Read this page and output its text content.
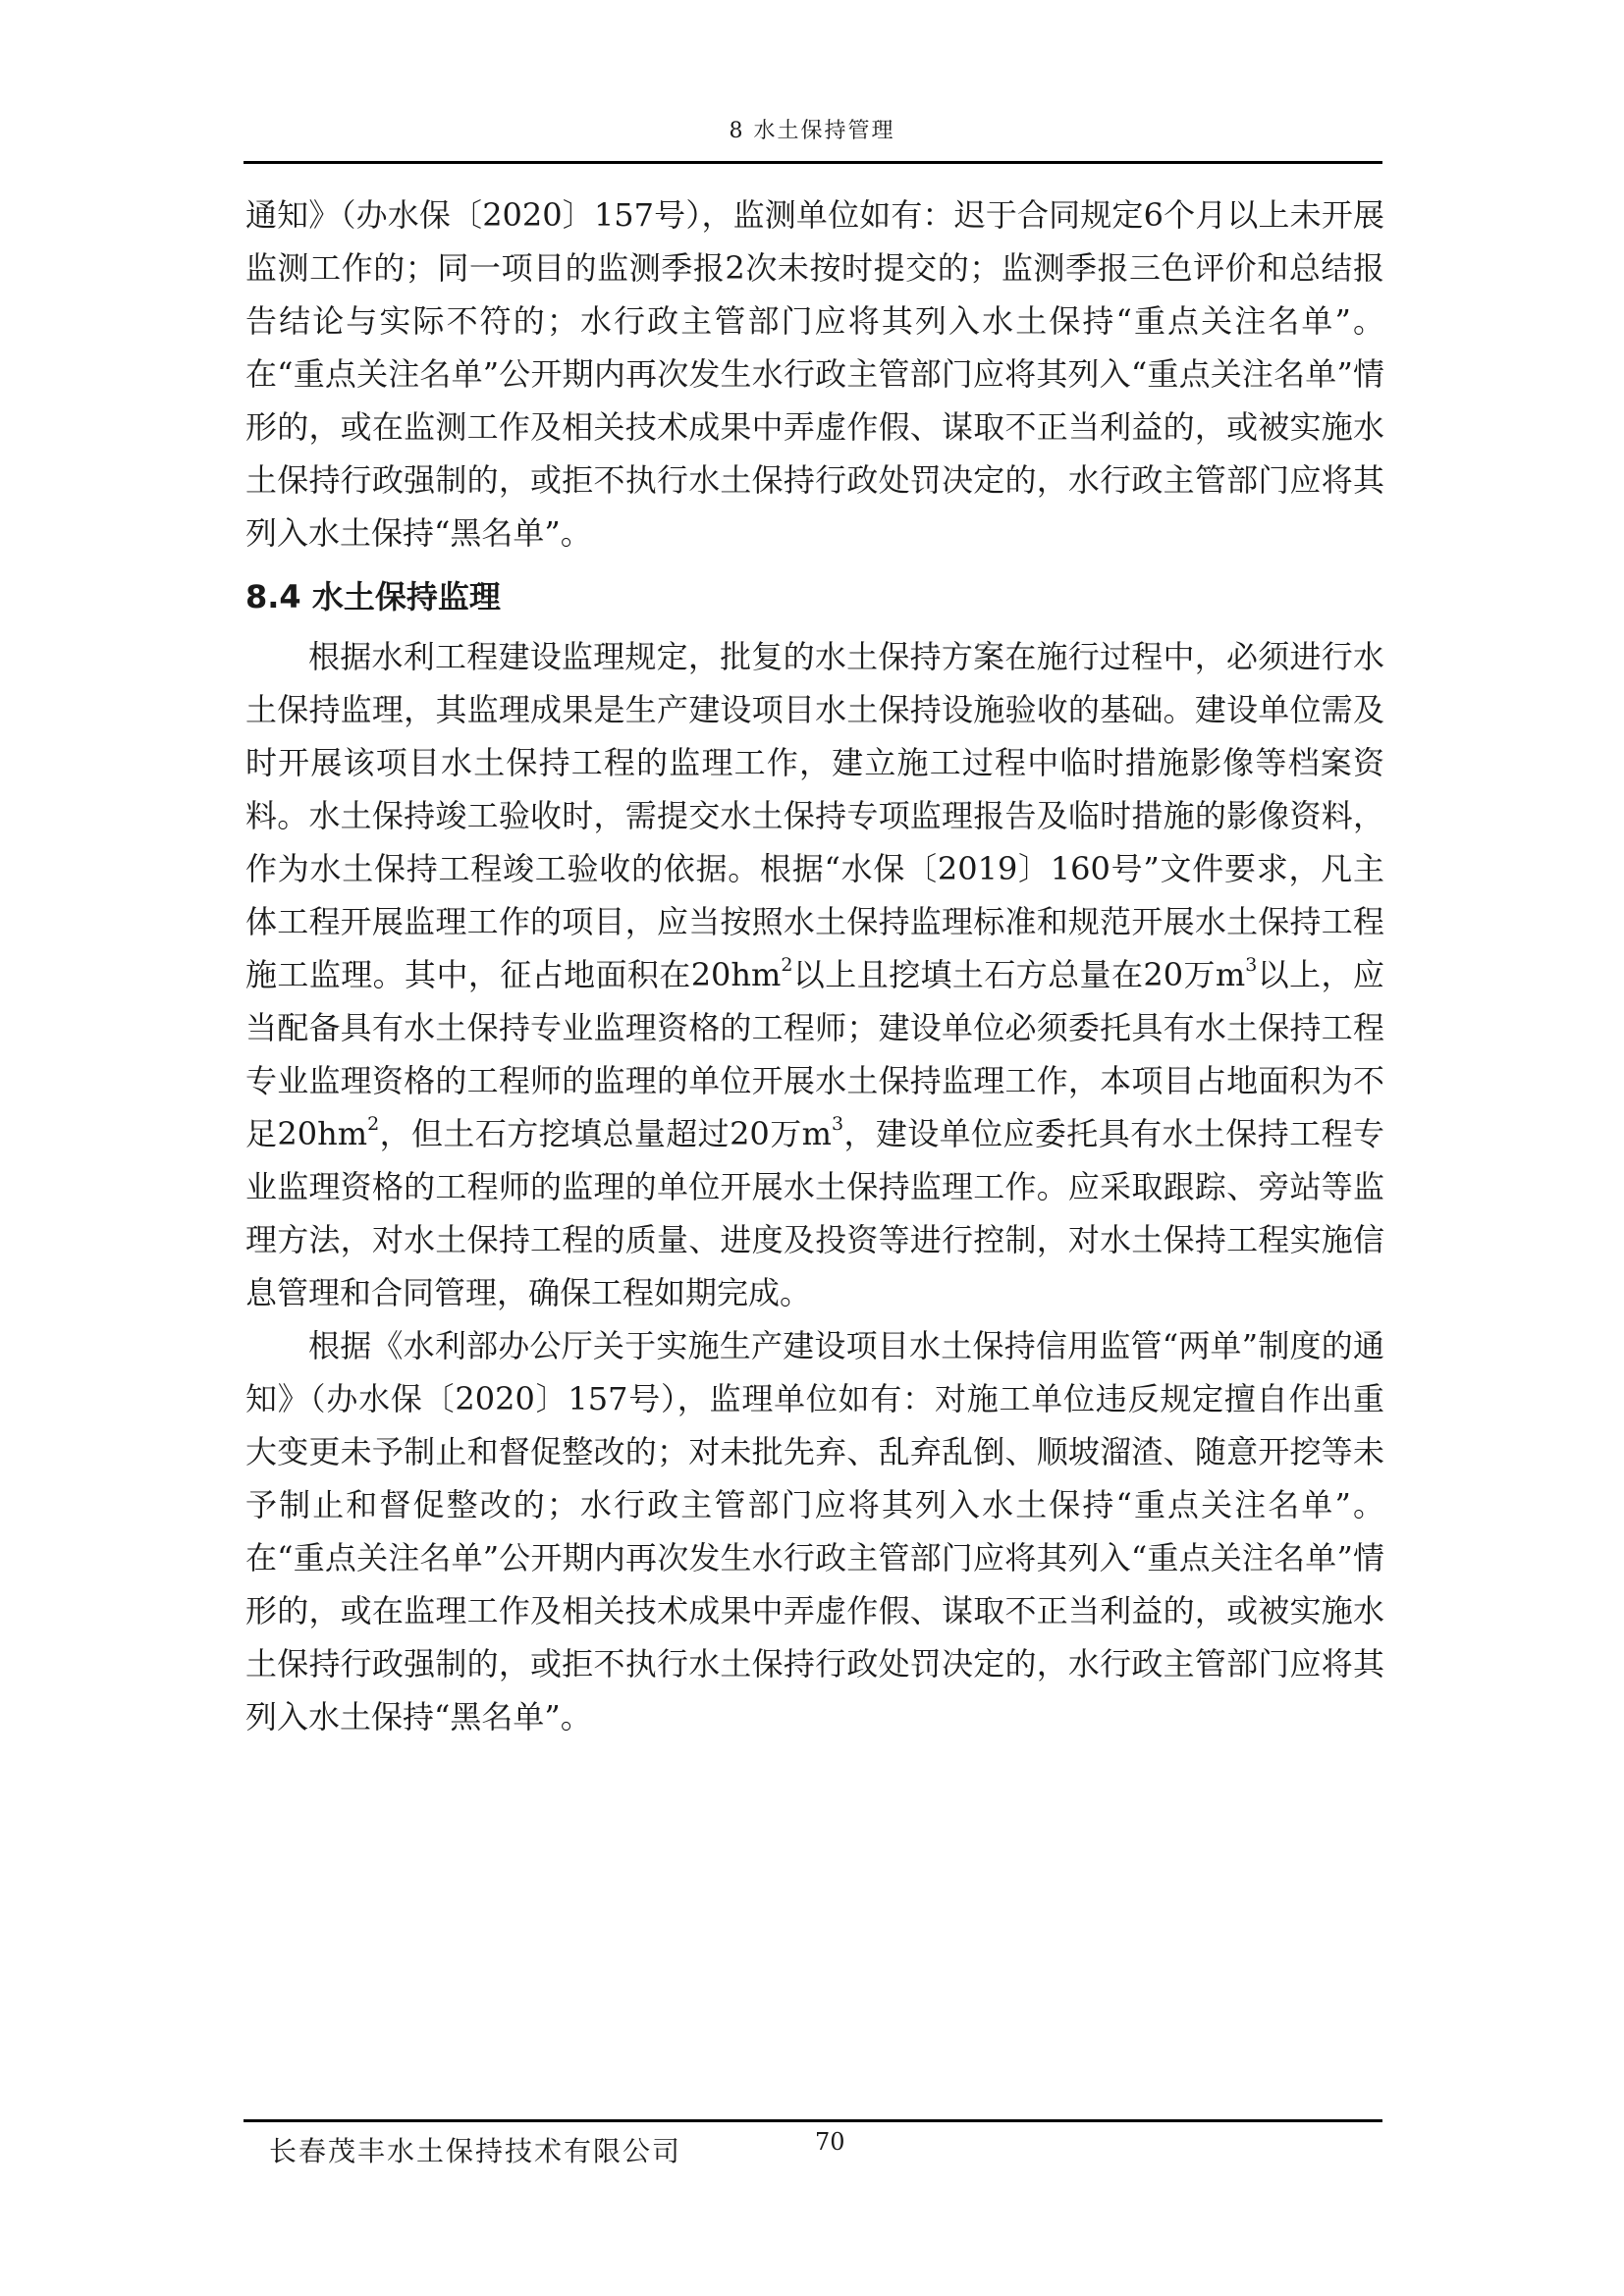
8 水土保持管理

通知》（办水保〔2020〕157号），监测单位如有：迟于合同规定6个月以上未开展监测工作的；同一项目的监测季报2次未按时提交的；监测季报三色评价和总结报告结论与实际不符的；水行政主管部门应将其列入水土保持“重点关注名单”。在“重点关注名单”公开期内再次发生水行政主管部门应将其列入“重点关注名单”情形的，或在监测工作及相关技术成果中弄虚作假、谋取不正当利益的，或被实施水土保持行政强制的，或拒不执行水土保持行政处罚决定的，水行政主管部门应将其列入水土保持“黑名单”。

8.4 水土保持监理

根据水利工程建设监理规定，批复的水土保持方案在施行过程中，必须进行水土保持监理，其监理成果是生产建设项目水土保持设施验收的基础。建设单位需及时开展该项目水土保持工程的监理工作，建立施工过程中临时措施影像等档案资料。水土保持竣工验收时，需提交水土保持专项监理报告及临时措施的影像资料，作为水土保持工程竣工验收的依据。根据“水保〔2019〕160号”文件要求，凡主体工程开展监理工作的项目，应当按照水土保持监理标准和规范开展水土保持工程施工监理。其中，征占地面积在$20hm^2$以上且挖填土石方总量在20万$m^3$以上，应当配备具有水土保持专业监理资格的工程师；建设单位必须委托具有水土保持工程专业监理资格的工程师的监理的单位开展水土保持监理工作，本项目占地面积为不足$20hm^2$，但土石方挖填总量超过20万$m^3$，建设单位应委托具有水土保持工程专业监理资格的工程师的监理的单位开展水土保持监理工作。应采取跟踪、旁站等监理方法，对水土保持工程的质量、进度及投资等进行控制，对水土保持工程实施信息管理和合同管理，确保工程如期完成。

根据《水利部办公厅关于实施生产建设项目水土保持信用监管“两单”制度的通知》（办水保〔2020〕157号），监理单位如有：对施工单位违反规定擅自作出重大变更未予制止和督促整改的；对未批先弃、乱弃乱倒、顺坡溜渣、随意开挖等未予制止和督促整改的；水行政主管部门应将其列入水土保持“重点关注名单”。在“重点关注名单”公开期内再次发生水行政主管部门应将其列入“重点关注名单”情形的，或在监理工作及相关技术成果中弄虚作假、谋取不正当利益的，或被实施水土保持行政强制的，或拒不执行水土保持行政处罚决定的，水行政主管部门应将其列入水土保持“黑名单”。

长春茂丰水土保持技术有限公司	70
